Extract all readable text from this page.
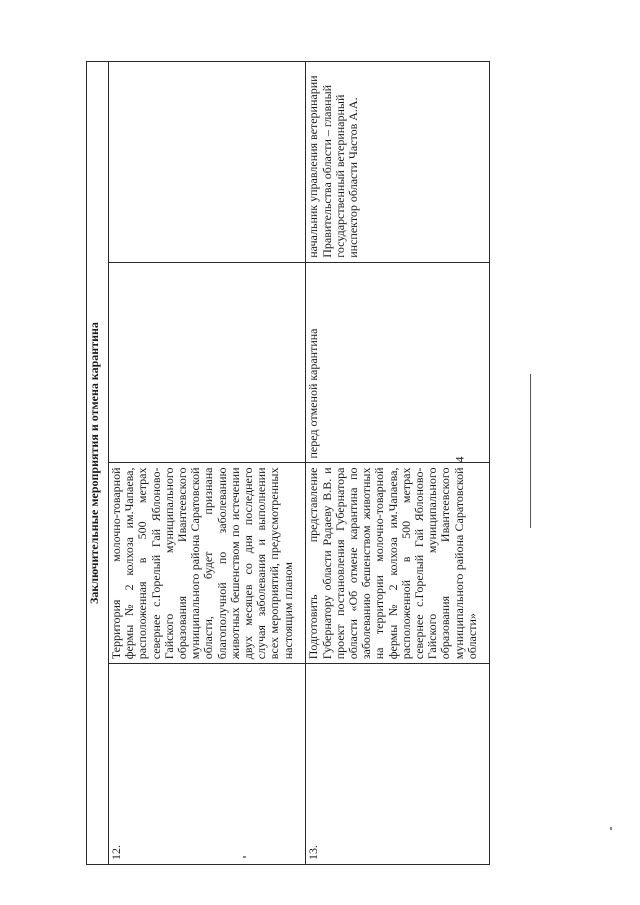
4
Заключительные мероприятия и отмена карантина			
12.	Территория молочно-товарной фермы № 2 колхоза им.Чапаева, расположенная в 500 метрах севернее с.Горелый Гай Яблоново-Гайского муниципального образования Ивантеевского муниципального района Саратовской области, будет признана благополучной по заболеванию животных бешенством по истечении двух месяцев со дня последнего случая заболевания и выполнении всех мероприятий, предусмотренных настоящим планом		
13.	Подготовить представление Губернатору области Радаеву В.В. и проект постановления Губернатора области «Об отмене карантина по заболеванию бешенством животных на территории молочно-товарной фермы № 2 колхоза им.Чапаева, расположенной в 500 метрах севернее с.Горелый Гай Яблоново-Гайского муниципального образования Ивантеевского муниципального района Саратовской области»	перед отменой карантина	начальник управления ветеринарии Правительства области – главный государственный ветеринарный инспектор области Частов А.А.
